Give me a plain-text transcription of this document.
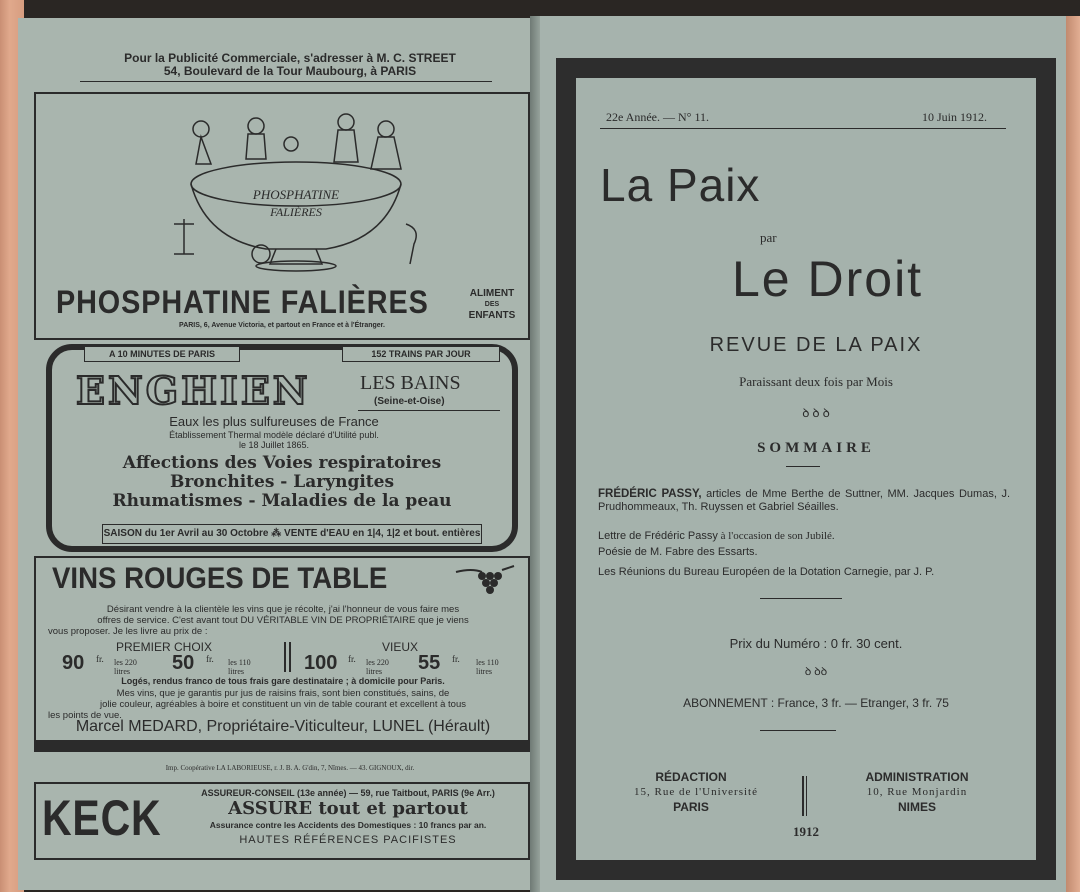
Pour la Publicité Commerciale, s'adresser à M. C. STREET
54, Boulevard de la Tour Maubourg, à PARIS
PHOSPHATINE
FALIÈRES
PHOSPHATINE FALIÈRES	ALIMENT
DES
ENFANTS
PARIS, 6, Avenue Victoria, et partout en France et à l'Étranger.
A 10 MINUTES DE PARIS	152 TRAINS PAR JOUR
ENGHIEN LES BAINS
(Seine-et-Oise)
Eaux les plus sulfureuses de France
Établissement Thermal modèle déclaré d'Utilité publ.
le 18 Juillet 1865.
Affections des Voies respiratoires
Bronchites - Laryngites
Rhumatismes - Maladies de la peau
SAISON du 1er Avril au 30 Octobre ⁂ VENTE d'EAU en 1|4, 1|2 et bout. entières
VINS ROUGES DE TABLE
Désirant vendre à la clientèle les vins que je récolte, j'ai l'honneur de vous faire mes
offres de service. C'est avant tout DU VÉRITABLE VIN DE PROPRIÉTAIRE que je viens
vous proposer. Je les livre au prix de :
PREMIER CHOIX	VIEUX
90 fr. les 220 litres	50 fr. les 110 litres	100 fr. les 220 litres	55 fr. les 110 litres
Logés, rendus franco de tous frais gare destinataire ; à domicile pour Paris.
Mes vins, que je garantis pur jus de raisins frais, sont bien constitués, sains, de
jolie couleur, agréables à boire et constituent un vin de table courant et excellent à tous
les points de vue.
Marcel MEDARD, Propriétaire-Viticulteur, LUNEL (Hérault)
Imp. Coopérative LA LABORIEUSE, r. J. B. A. G'din, 7, Nîmes. — 43. GIGNOUX, dir.
KECK	ASSUREUR-CONSEIL (13e année) — 59, rue Taitbout, PARIS (9e Arr.)
ASSURE tout et partout
Assurance contre les Accidents des Domestiques : 10 francs par an.
HAUTES RÉFÉRENCES PACIFISTES
22e Année. — N° 11.	10 Juin 1912.
La Paix
par
Le Droit
REVUE DE LA PAIX
Paraissant deux fois par Mois
ꝺ ꝺ ꝺ
SOMMAIRE
FRÉDÉRIC PASSY, articles de Mme Berthe de Suttner, MM. Jacques Dumas, J. Prudhommeaux, Th. Ruyssen et Gabriel Séailles.
Lettre de Frédéric Passy à l'occasion de son Jubilé.
Poésie de M. Fabre des Essarts.
Les Réunions du Bureau Européen de la Dotation Carnegie, par J. P.
Prix du Numéro : 0 fr. 30 cent.
ꝺ ꝺꝺ
ABONNEMENT : France, 3 fr. — Etranger, 3 fr. 75
RÉDACTION
15, Rue de l'Université
PARIS
ADMINISTRATION
10, Rue Monjardin
NIMES
1912
